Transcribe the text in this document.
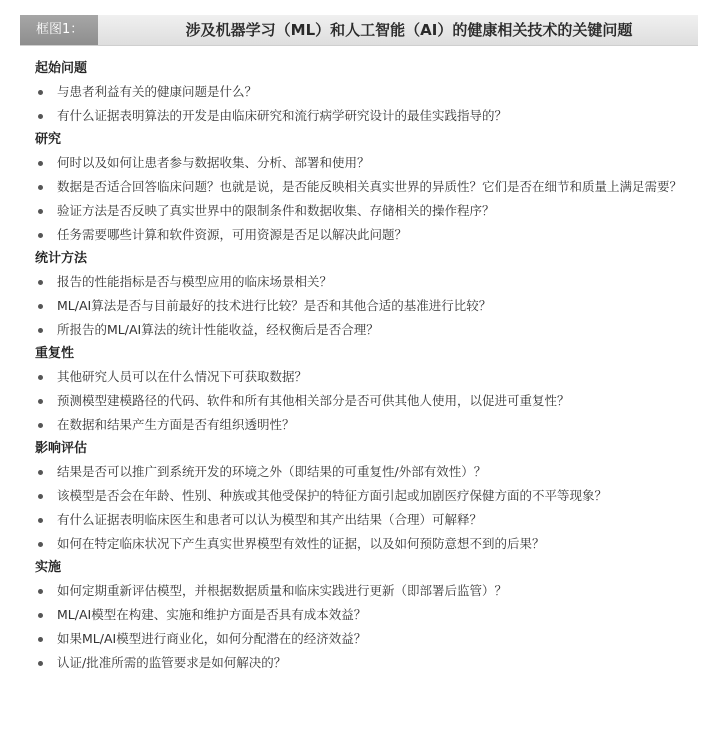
框图1：	涉及机器学习（ML）和人工智能（AI）的健康相关技术的关键问题
起始问题
与患者利益有关的健康问题是什么？
有什么证据表明算法的开发是由临床研究和流行病学研究设计的最佳实践指导的？
研究
何时以及如何让患者参与数据收集、分析、部署和使用？
数据是否适合回答临床问题？也就是说，是否能反映相关真实世界的异质性？它们是否在细节和质量上满足需要？
验证方法是否反映了真实世界中的限制条件和数据收集、存储相关的操作程序？
任务需要哪些计算和软件资源，可用资源是否足以解决此问题？
统计方法
报告的性能指标是否与模型应用的临床场景相关？
ML/AI算法是否与目前最好的技术进行比较？是否和其他合适的基准进行比较？
所报告的ML/AI算法的统计性能收益，经权衡后是否合理？
重复性
其他研究人员可以在什么情况下可获取数据？
预测模型建模路径的代码、软件和所有其他相关部分是否可供其他人使用，以促进可重复性？
在数据和结果产生方面是否有组织透明性？
影响评估
结果是否可以推广到系统开发的环境之外（即结果的可重复性/外部有效性）？
该模型是否会在年龄、性别、种族或其他受保护的特征方面引起或加剧医疗保健方面的不平等现象？
有什么证据表明临床医生和患者可以认为模型和其产出结果（合理）可解释？
如何在特定临床状况下产生真实世界模型有效性的证据，以及如何预防意想不到的后果？
实施
如何定期重新评估模型，并根据数据质量和临床实践进行更新（即部署后监管）？
ML/AI模型在构建、实施和维护方面是否具有成本效益？
如果ML/AI模型进行商业化，如何分配潜在的经济效益？
认证/批准所需的监管要求是如何解决的？
